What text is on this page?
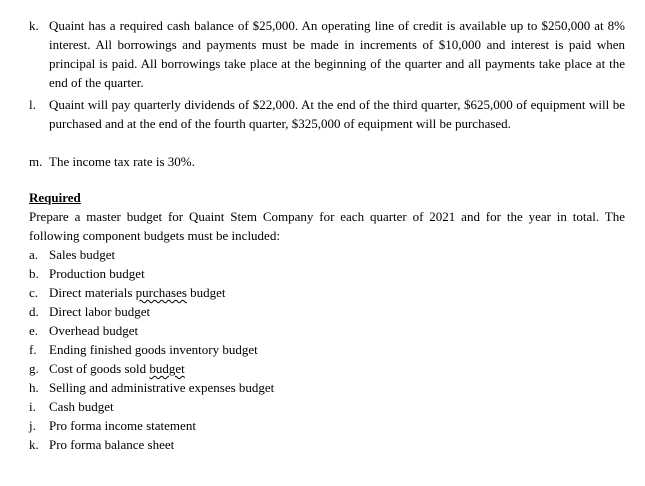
k. Quaint has a required cash balance of $25,000. An operating line of credit is available up to $250,000 at 8% interest. All borrowings and payments must be made in increments of $10,000 and interest is paid when principal is paid. All borrowings take place at the beginning of the quarter and all payments take place at the end of the quarter.
l. Quaint will pay quarterly dividends of $22,000. At the end of the third quarter, $625,000 of equipment will be purchased and at the end of the fourth quarter, $325,000 of equipment will be purchased.
m. The income tax rate is 30%.
Required
Prepare a master budget for Quaint Stem Company for each quarter of 2021 and for the year in total. The following component budgets must be included:
a. Sales budget
b. Production budget
c. Direct materials purchases budget
d. Direct labor budget
e. Overhead budget
f. Ending finished goods inventory budget
g. Cost of goods sold budget
h. Selling and administrative expenses budget
i. Cash budget
j. Pro forma income statement
k. Pro forma balance sheet
